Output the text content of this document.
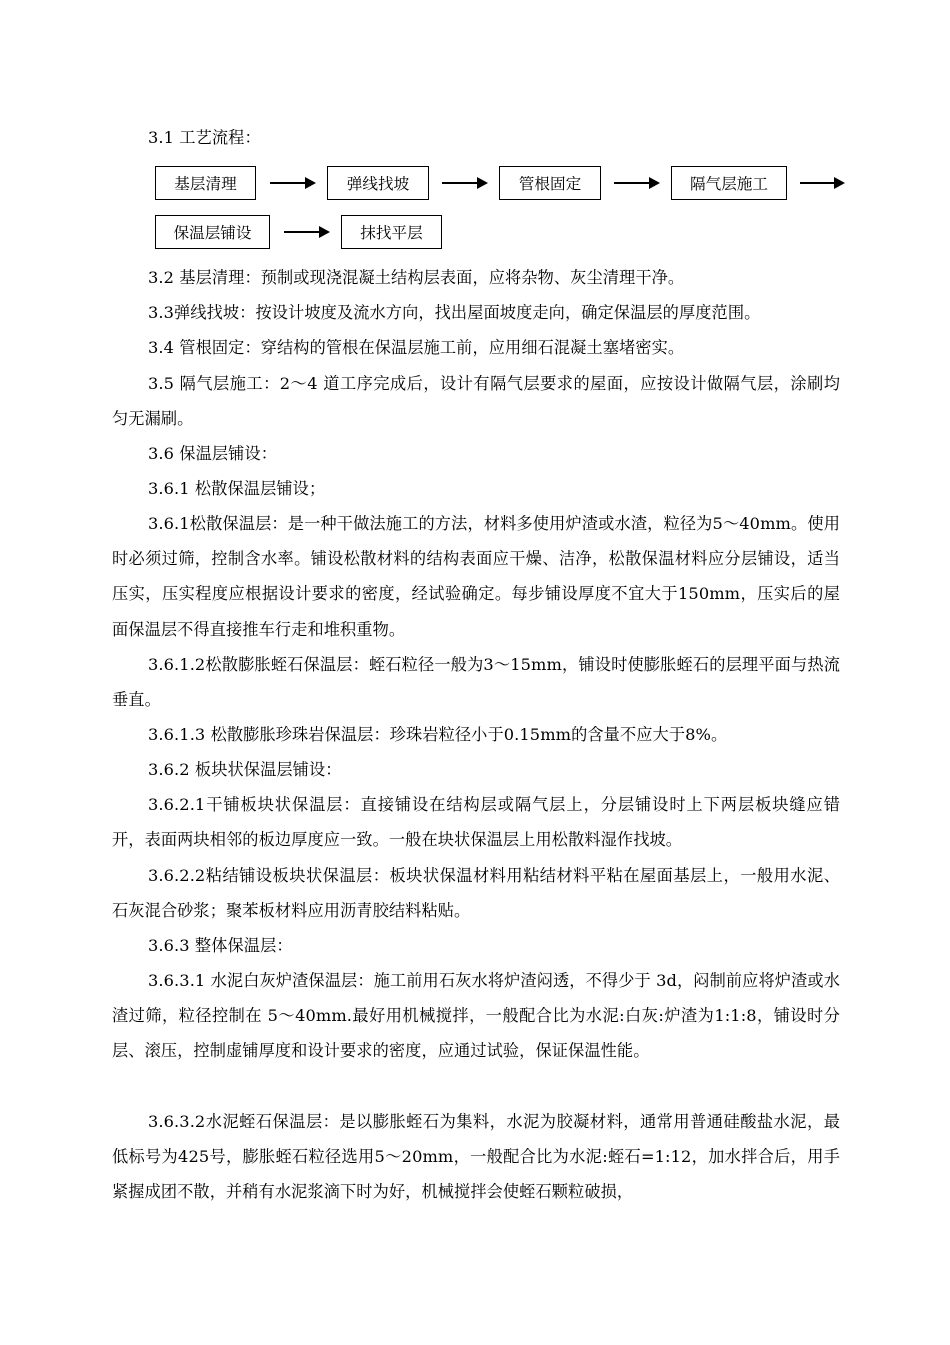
3.1 工艺流程：

基层清理	弹线找坡	管根固定	隔气层施工
保温层铺设	抹找平层

3.2 基层清理：预制或现浇混凝土结构层表面，应将杂物、灰尘清理干净。

3.3弹线找坡：按设计坡度及流水方向，找出屋面坡度走向，确定保温层的厚度范围。

3.4 管根固定：穿结构的管根在保温层施工前，应用细石混凝土塞堵密实。

3.5 隔气层施工：2～4 道工序完成后，设计有隔气层要求的屋面，应按设计做隔气层，涂刷均匀无漏刷。

3.6 保温层铺设：

3.6.1 松散保温层铺设；

3.6.1松散保温层：是一种干做法施工的方法，材料多使用炉渣或水渣，粒径为5～40mm。使用时必须过筛，控制含水率。铺设松散材料的结构表面应干燥、洁净，松散保温材料应分层铺设，适当压实，压实程度应根据设计要求的密度，经试验确定。每步铺设厚度不宜大于150mm，压实后的屋面保温层不得直接推车行走和堆积重物。

3.6.1.2松散膨胀蛭石保温层：蛭石粒径一般为3～15mm，铺设时使膨胀蛭石的层理平面与热流垂直。

3.6.1.3 松散膨胀珍珠岩保温层：珍珠岩粒径小于0.15mm的含量不应大于8%。

3.6.2 板块状保温层铺设：

3.6.2.1干铺板块状保温层：直接铺设在结构层或隔气层上，分层铺设时上下两层板块缝应错开，表面两块相邻的板边厚度应一致。一般在块状保温层上用松散料湿作找坡。

3.6.2.2粘结铺设板块状保温层：板块状保温材料用粘结材料平粘在屋面基层上，一般用水泥、石灰混合砂浆；聚苯板材料应用沥青胶结料粘贴。

3.6.3 整体保温层：

3.6.3.1 水泥白灰炉渣保温层：施工前用石灰水将炉渣闷透，不得少于 3d，闷制前应将炉渣或水渣过筛，粒径控制在 5～40mm.最好用机械搅拌，一般配合比为水泥:白灰:炉渣为1:1:8，铺设时分层、滚压，控制虚铺厚度和设计要求的密度，应通过试验，保证保温性能。

3.6.3.2水泥蛭石保温层：是以膨胀蛭石为集料，水泥为胶凝材料，通常用普通硅酸盐水泥，最低标号为425号，膨胀蛭石粒径选用5～20mm，一般配合比为水泥:蛭石=1:12，加水拌合后，用手紧握成团不散，并稍有水泥浆滴下时为好，机械搅拌会使蛭石颗粒破损，
